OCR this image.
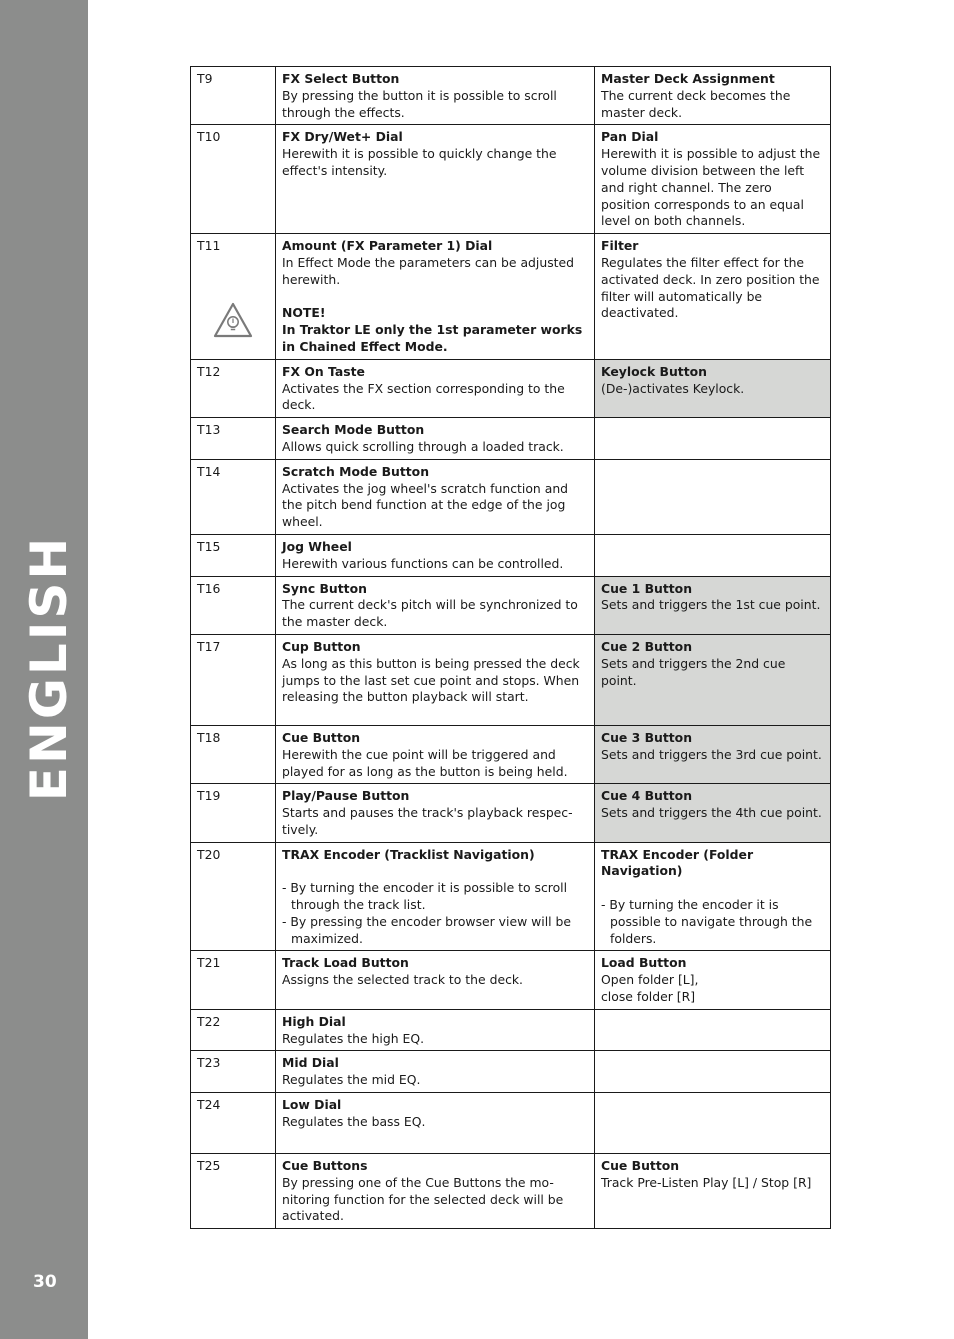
ENGLISH
30
T9	FX Select Button
By pressing the button it is possible to scroll through the effects.	Master Deck Assignment
The current deck becomes the master deck.

T10	FX Dry/Wet+ Dial
Herewith it is possible to quickly change the effect's intensity.	Pan Dial
Herewith it is possible to adjust the volume division between the left and right channel. The zero position corresponds to an equal level on both channels.

T11	Amount (FX Parameter 1) Dial
In Effect Mode the parameters can be adjusted herewith.
NOTE!
In Traktor LE only the 1st parameter works in Chained Effect Mode.	Filter
Regulates the filter effect for the activated deck. In zero position the filter will automatically be deactivated.

T12	FX On Taste
Activates the FX section corresponding to the deck.	Keylock Button
(De-)activates Keylock.

T13	Search Mode Button
Allows quick scrolling through a loaded track.	

T14	Scratch Mode Button
Activates the jog wheel's scratch function and the pitch bend function at the edge of the jog wheel.	

T15	Jog Wheel
Herewith various functions can be controlled.	

T16	Sync Button
The current deck's pitch will be synchronized to the master deck.	Cue 1 Button
Sets and triggers the 1st cue point.

T17	Cup Button
As long as this button is being pressed the deck jumps to the last set cue point and stops. When releasing the button playback will start.	Cue 2 Button
Sets and triggers the 2nd cue point.

T18	Cue Button
Herewith the cue point will be triggered and played for as long as the button is being held.	Cue 3 Button
Sets and triggers the 3rd cue point.

T19	Play/Pause Button
Starts and pauses the track's playback respec-tively.	Cue 4 Button
Sets and triggers the 4th cue point.

T20	TRAX Encoder (Tracklist Navigation)
- By turning the encoder it is possible to scroll through the track list.
- By pressing the encoder browser view will be maximized.	TRAX Encoder (Folder Navigation)
- By turning the encoder it is possible to navigate through the folders.

T21	Track Load Button
Assigns the selected track to the deck.	Load Button
Open folder [L],
close folder [R]

T22	High Dial
Regulates the high EQ.	

T23	Mid Dial
Regulates the mid EQ.	

T24	Low Dial
Regulates the bass EQ.	

T25	Cue Buttons
By pressing one of the Cue Buttons the mo-nitoring function for the selected deck will be activated.	Cue Button
Track Pre-Listen Play [L] / Stop [R]
